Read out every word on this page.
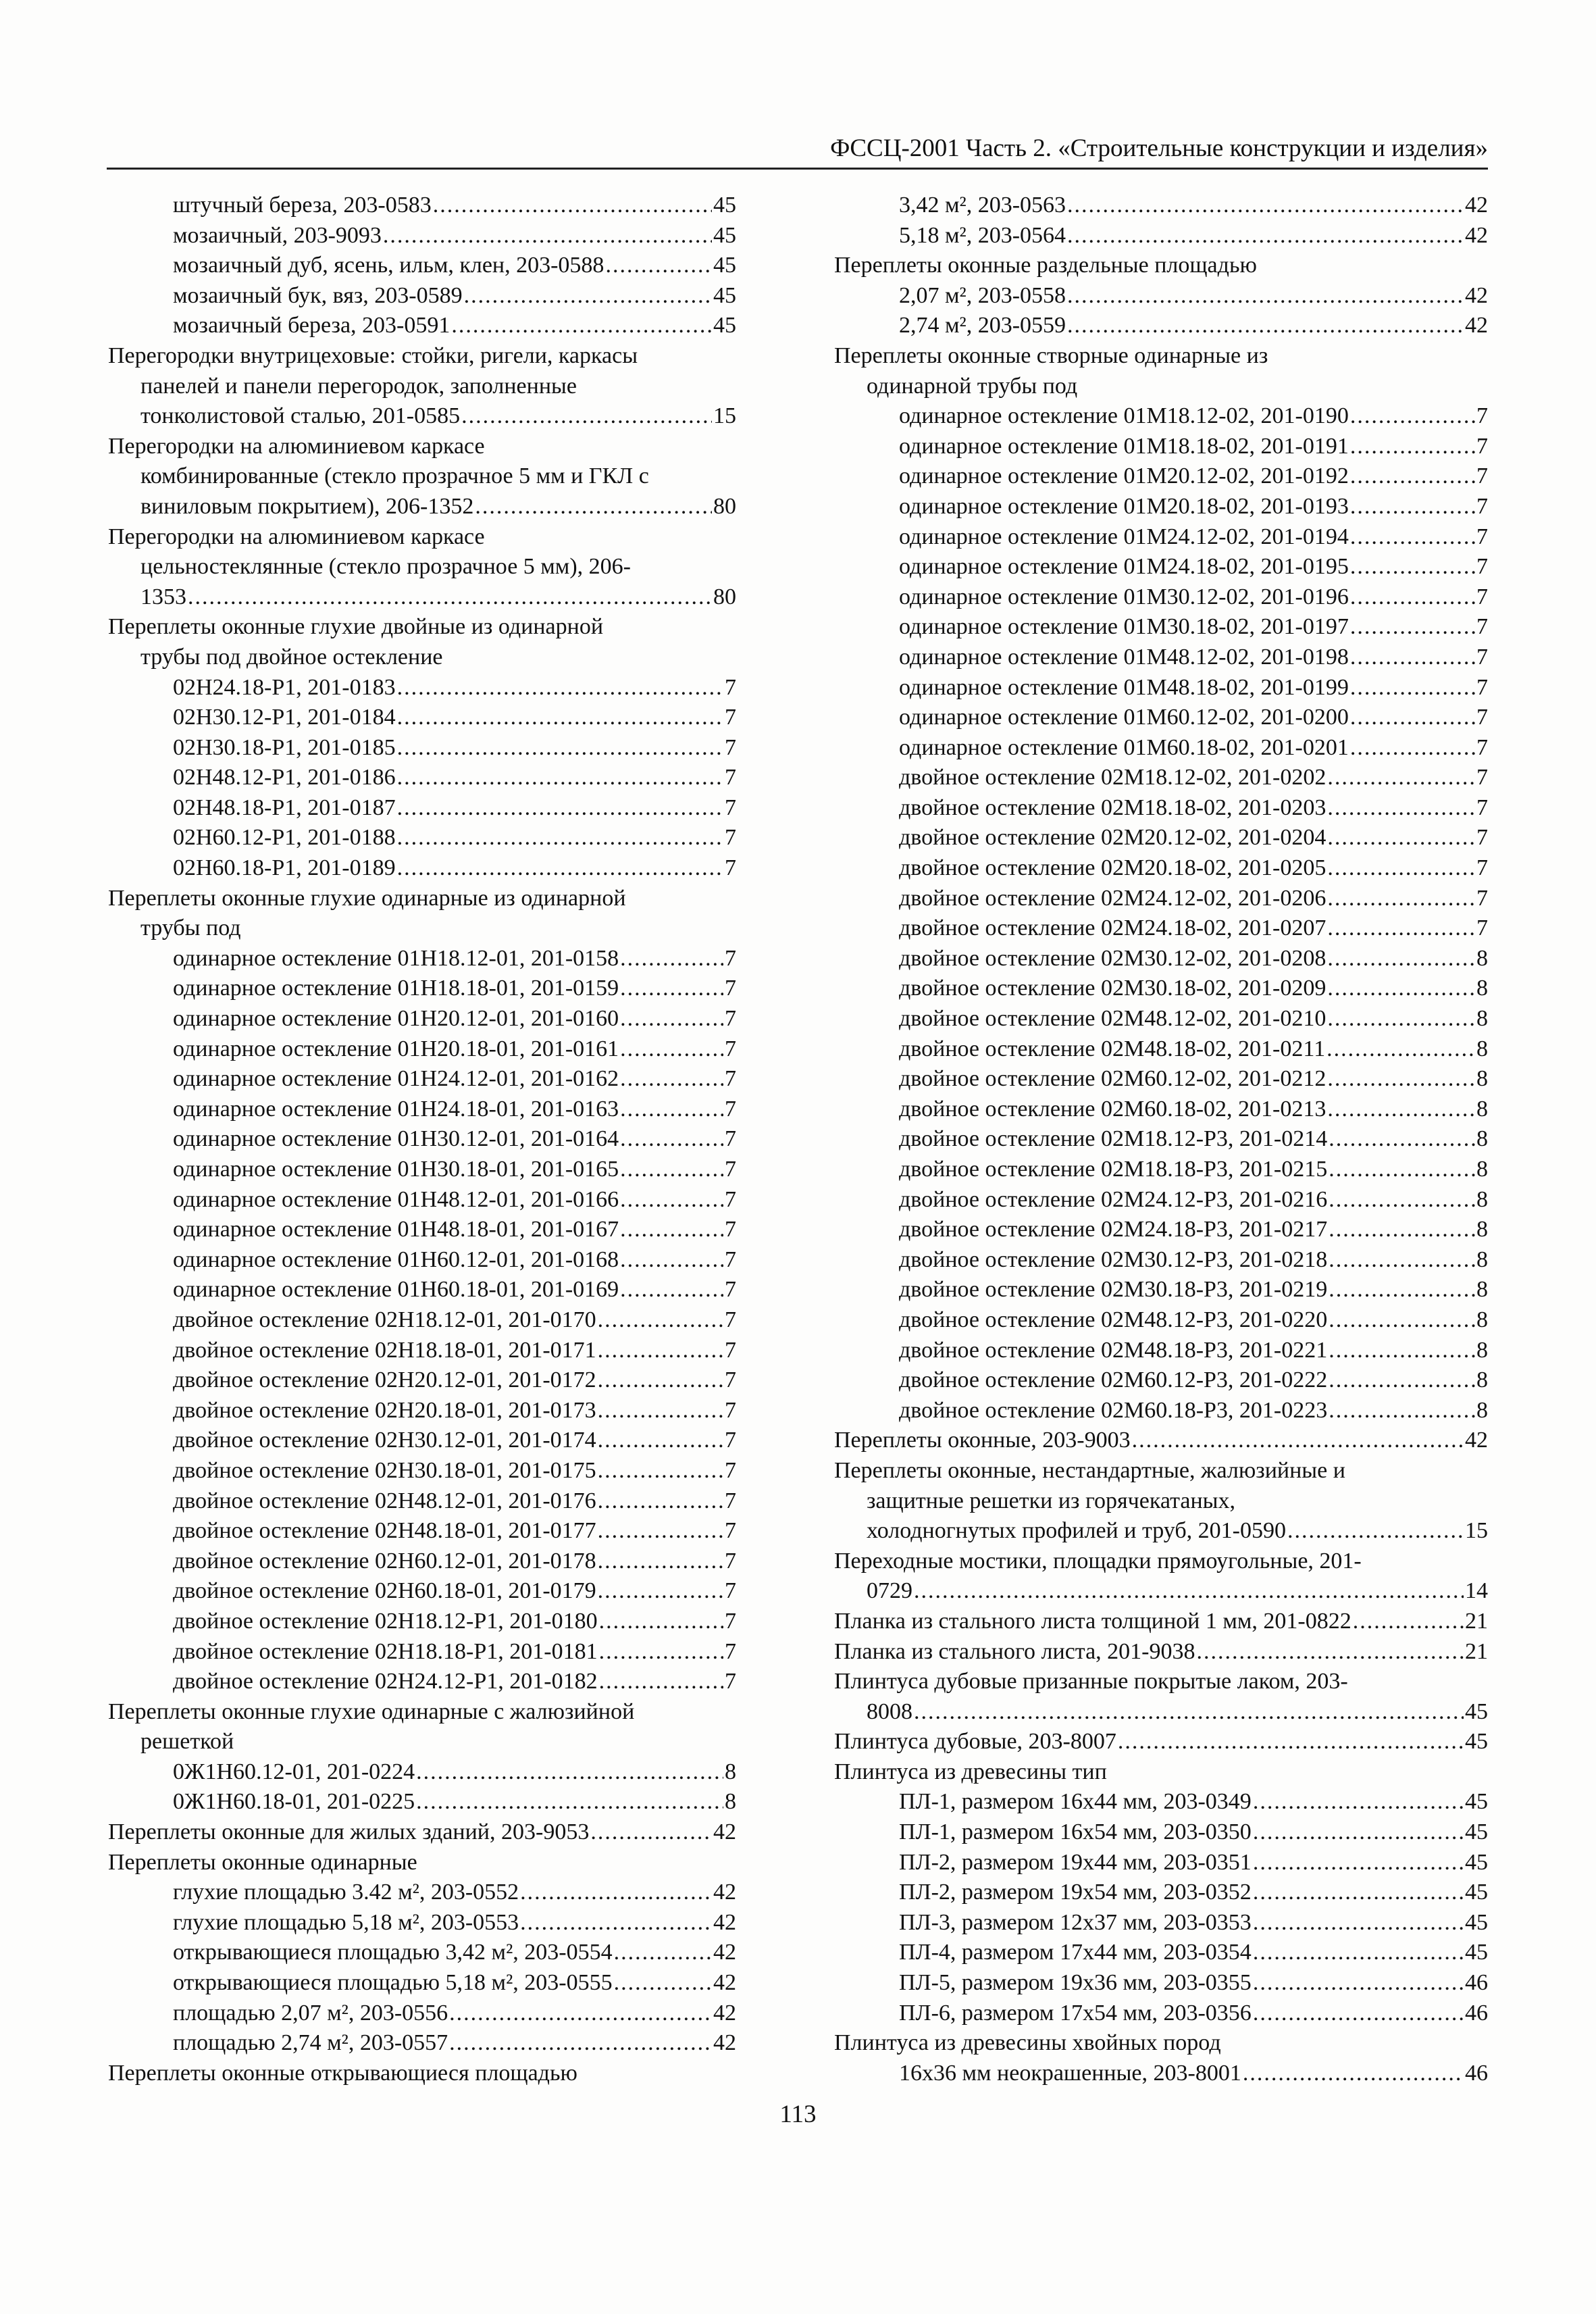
ФССЦ-2001 Часть 2. «Строительные конструкции и изделия»
штучный береза, 203-0583 .....	45
мозаичный, 203-9093 .....	45
мозаичный дуб, ясень, ильм, клен, 203-0588 .....	45
мозаичный бук, вяз, 203-0589 .....	45
мозаичный береза, 203-0591 .....	45
Перегородки внутрицеховые: стойки, ригели, каркасы
панелей и панели перегородок, заполненные
тонколистовой сталью, 201-0585 .....	15
Перегородки на алюминиевом каркасе
комбинированные (стекло прозрачное 5 мм и ГКЛ с
виниловым покрытием), 206-1352 .....	80
Перегородки на алюминиевом каркасе
цельностеклянные (стекло прозрачное 5 мм), 206-
1353 .....	80
Переплеты оконные глухие двойные из одинарной
трубы под двойное остекление
02Н24.18-Р1, 201-0183 .....	7
02Н30.12-Р1, 201-0184 .....	7
02Н30.18-Р1, 201-0185 .....	7
02Н48.12-Р1, 201-0186 .....	7
02Н48.18-Р1, 201-0187 .....	7
02Н60.12-Р1, 201-0188 .....	7
02Н60.18-Р1, 201-0189 .....	7
Переплеты оконные глухие одинарные из одинарной
трубы под
одинарное остекление 01Н18.12-01, 201-0158 .....	7
одинарное остекление 01Н18.18-01, 201-0159 .....	7
одинарное остекление 01Н20.12-01, 201-0160 .....	7
одинарное остекление 01Н20.18-01, 201-0161 .....	7
одинарное остекление 01Н24.12-01, 201-0162 .....	7
одинарное остекление 01Н24.18-01, 201-0163 .....	7
одинарное остекление 01Н30.12-01, 201-0164 .....	7
одинарное остекление 01Н30.18-01, 201-0165 .....	7
одинарное остекление 01Н48.12-01, 201-0166 .....	7
одинарное остекление 01Н48.18-01, 201-0167 .....	7
одинарное остекление 01Н60.12-01, 201-0168 .....	7
одинарное остекление 01Н60.18-01, 201-0169 .....	7
двойное остекление 02Н18.12-01, 201-0170 .....	7
двойное остекление 02Н18.18-01, 201-0171 .....	7
двойное остекление 02Н20.12-01, 201-0172 .....	7
двойное остекление 02Н20.18-01, 201-0173 .....	7
двойное остекление 02Н30.12-01, 201-0174 .....	7
двойное остекление 02Н30.18-01, 201-0175 .....	7
двойное остекление 02Н48.12-01, 201-0176 .....	7
двойное остекление 02Н48.18-01, 201-0177 .....	7
двойное остекление 02Н60.12-01, 201-0178 .....	7
двойное остекление 02Н60.18-01, 201-0179 .....	7
двойное остекление 02Н18.12-Р1, 201-0180 .....	7
двойное остекление 02Н18.18-Р1, 201-0181 .....	7
двойное остекление 02Н24.12-Р1, 201-0182 .....	7
Переплеты оконные глухие одинарные с жалюзийной
решеткой
0Ж1Н60.12-01, 201-0224 .....	8
0Ж1Н60.18-01, 201-0225 .....	8
Переплеты оконные для жилых зданий, 203-9053 .....	42
Переплеты оконные одинарные
глухие площадью 3.42 м², 203-0552 .....	42
глухие площадью 5,18 м², 203-0553 .....	42
открывающиеся площадью 3,42 м², 203-0554 .....	42
открывающиеся площадью 5,18 м², 203-0555 .....	42
площадью 2,07 м², 203-0556 .....	42
площадью 2,74 м², 203-0557 .....	42
Переплеты оконные открывающиеся площадью
3,42 м², 203-0563 .....	42
5,18 м², 203-0564 .....	42
Переплеты оконные раздельные площадью
2,07 м², 203-0558 .....	42
2,74 м², 203-0559 .....	42
Переплеты оконные створные одинарные из
одинарной трубы под
одинарное остекление 01М18.12-02, 201-0190 .....	7
одинарное остекление 01М18.18-02, 201-0191 .....	7
одинарное остекление 01М20.12-02, 201-0192 .....	7
одинарное остекление 01М20.18-02, 201-0193 .....	7
одинарное остекление 01М24.12-02, 201-0194 .....	7
одинарное остекление 01М24.18-02, 201-0195 .....	7
одинарное остекление 01М30.12-02, 201-0196 .....	7
одинарное остекление 01М30.18-02, 201-0197 .....	7
одинарное остекление 01М48.12-02, 201-0198 .....	7
одинарное остекление 01М48.18-02, 201-0199 .....	7
одинарное остекление 01М60.12-02, 201-0200 .....	7
одинарное остекление 01М60.18-02, 201-0201 .....	7
двойное остекление 02М18.12-02, 201-0202 .....	7
двойное остекление 02М18.18-02, 201-0203 .....	7
двойное остекление 02М20.12-02, 201-0204 .....	7
двойное остекление 02М20.18-02, 201-0205 .....	7
двойное остекление 02М24.12-02, 201-0206 .....	7
двойное остекление 02М24.18-02, 201-0207 .....	7
двойное остекление 02М30.12-02, 201-0208 .....	8
двойное остекление 02М30.18-02, 201-0209 .....	8
двойное остекление 02М48.12-02, 201-0210 .....	8
двойное остекление 02М48.18-02, 201-0211 .....	8
двойное остекление 02М60.12-02, 201-0212 .....	8
двойное остекление 02М60.18-02, 201-0213 .....	8
двойное остекление 02М18.12-Р3, 201-0214 .....	8
двойное остекление 02М18.18-Р3, 201-0215 .....	8
двойное остекление 02М24.12-Р3, 201-0216 .....	8
двойное остекление 02М24.18-Р3, 201-0217 .....	8
двойное остекление 02М30.12-Р3, 201-0218 .....	8
двойное остекление 02М30.18-Р3, 201-0219 .....	8
двойное остекление 02М48.12-Р3, 201-0220 .....	8
двойное остекление 02М48.18-Р3, 201-0221 .....	8
двойное остекление 02М60.12-Р3, 201-0222 .....	8
двойное остекление 02М60.18-Р3, 201-0223 .....	8
Переплеты оконные, 203-9003 .....	42
Переплеты оконные, нестандартные, жалюзийные и
защитные решетки из горячекатаных,
холодногнутых профилей и труб, 201-0590 .....	15
Переходные мостики, площадки прямоугольные, 201-
0729 .....	14
Планка из стального листа толщиной 1 мм, 201-0822 .....	21
Планка из стального листа, 201-9038 .....	21
Плинтуса дубовые призанные покрытые лаком, 203-
8008 .....	45
Плинтуса дубовые, 203-8007 .....	45
Плинтуса из древесины тип
ПЛ-1, размером 16х44 мм, 203-0349 .....	45
ПЛ-1, размером 16х54 мм, 203-0350 .....	45
ПЛ-2, размером 19х44 мм, 203-0351 .....	45
ПЛ-2, размером 19х54 мм, 203-0352 .....	45
ПЛ-3, размером 12х37 мм, 203-0353 .....	45
ПЛ-4, размером 17х44 мм, 203-0354 .....	45
ПЛ-5, размером 19х36 мм, 203-0355 .....	46
ПЛ-6, размером 17х54 мм, 203-0356 .....	46
Плинтуса из древесины хвойных пород
16х36 мм неокрашенные, 203-8001 .....	46
113
